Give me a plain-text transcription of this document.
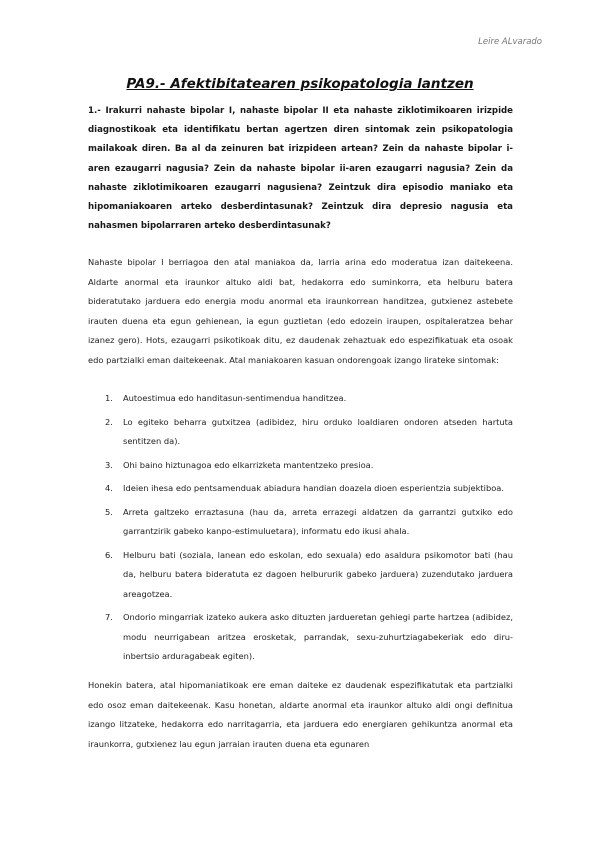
Leire ALvarado
PA9.- Afektibitatearen psikopatologia lantzen

1.- Irakurri nahaste bipolar I, nahaste bipolar II eta nahaste ziklotimikoaren irizpide diagnostikoak eta identifikatu bertan agertzen diren sintomak zein psikopatologia mailakoak diren. Ba al da zeinuren bat irizpideen artean? Zein da nahaste bipolar i-aren ezaugarri nagusia? Zein da nahaste bipolar ii-aren ezaugarri nagusia? Zein da nahaste ziklotimikoaren ezaugarri nagusiena? Zeintzuk dira episodio maniako eta hipomaniakoaren arteko desberdintasunak? Zeintzuk dira depresio nagusia eta nahasmen bipolarraren arteko desberdintasunak?

Nahaste bipolar I berriagoa den atal maniakoa da, larria arina edo moderatua izan daitekeena. Aldarte anormal eta iraunkor altuko aldi bat, hedakorra edo suminkorra, eta helburu batera bideratutako jarduera edo energia modu anormal eta iraunkorrean handitzea, gutxienez astebete irauten duena eta egun gehienean, ia egun guztietan (edo edozein iraupen, ospitaleratzea behar izanez gero). Hots, ezaugarri psikotikoak ditu, ez daudenak zehaztuak edo espezifikatuak eta osoak edo partzialki eman daitekeenak. Atal maniakoaren kasuan ondorengoak izango lirateke sintomak:

1. Autoestimua edo handitasun-sentimendua handitzea.
2. Lo egiteko beharra gutxitzea (adibidez, hiru orduko loaldiaren ondoren atseden hartuta sentitzen da).
3. Ohi baino hiztunagoa edo elkarrizketa mantentzeko presioa.
4. Ideien ihesa edo pentsamenduak abiadura handian doazela dioen esperientzia subjektiboa.
5. Arreta galtzeko erraztasuna (hau da, arreta errazegi aldatzen da garrantzi gutxiko edo garrantzirik gabeko kanpo-estimuluetara), informatu edo ikusi ahala.
6. Helburu bati (soziala, lanean edo eskolan, edo sexuala) edo asaldura psikomotor bati (hau da, helburu batera bideratuta ez dagoen helbururik gabeko jarduera) zuzendutako jarduera areagotzea.
7. Ondorio mingarriak izateko aukera asko dituzten jardueretan gehiegi parte hartzea (adibidez, modu neurrigabean aritzea erosketak, parrandak, sexu-zuhurtziagabekeriak edo diru-inbertsio arduragabeak egiten).

Honekin batera, atal hipomaniatikoak ere eman daiteke ez daudenak espezifikatutak eta partzialki edo osoz eman daitekeenak. Kasu honetan, aldarte anormal eta iraunkor altuko aldi ongi definitua izango litzateke, hedakorra edo narritagarria, eta jarduera edo energiaren gehikuntza anormal eta iraunkorra, gutxienez lau egun jarraian irauten duena eta egunaren
